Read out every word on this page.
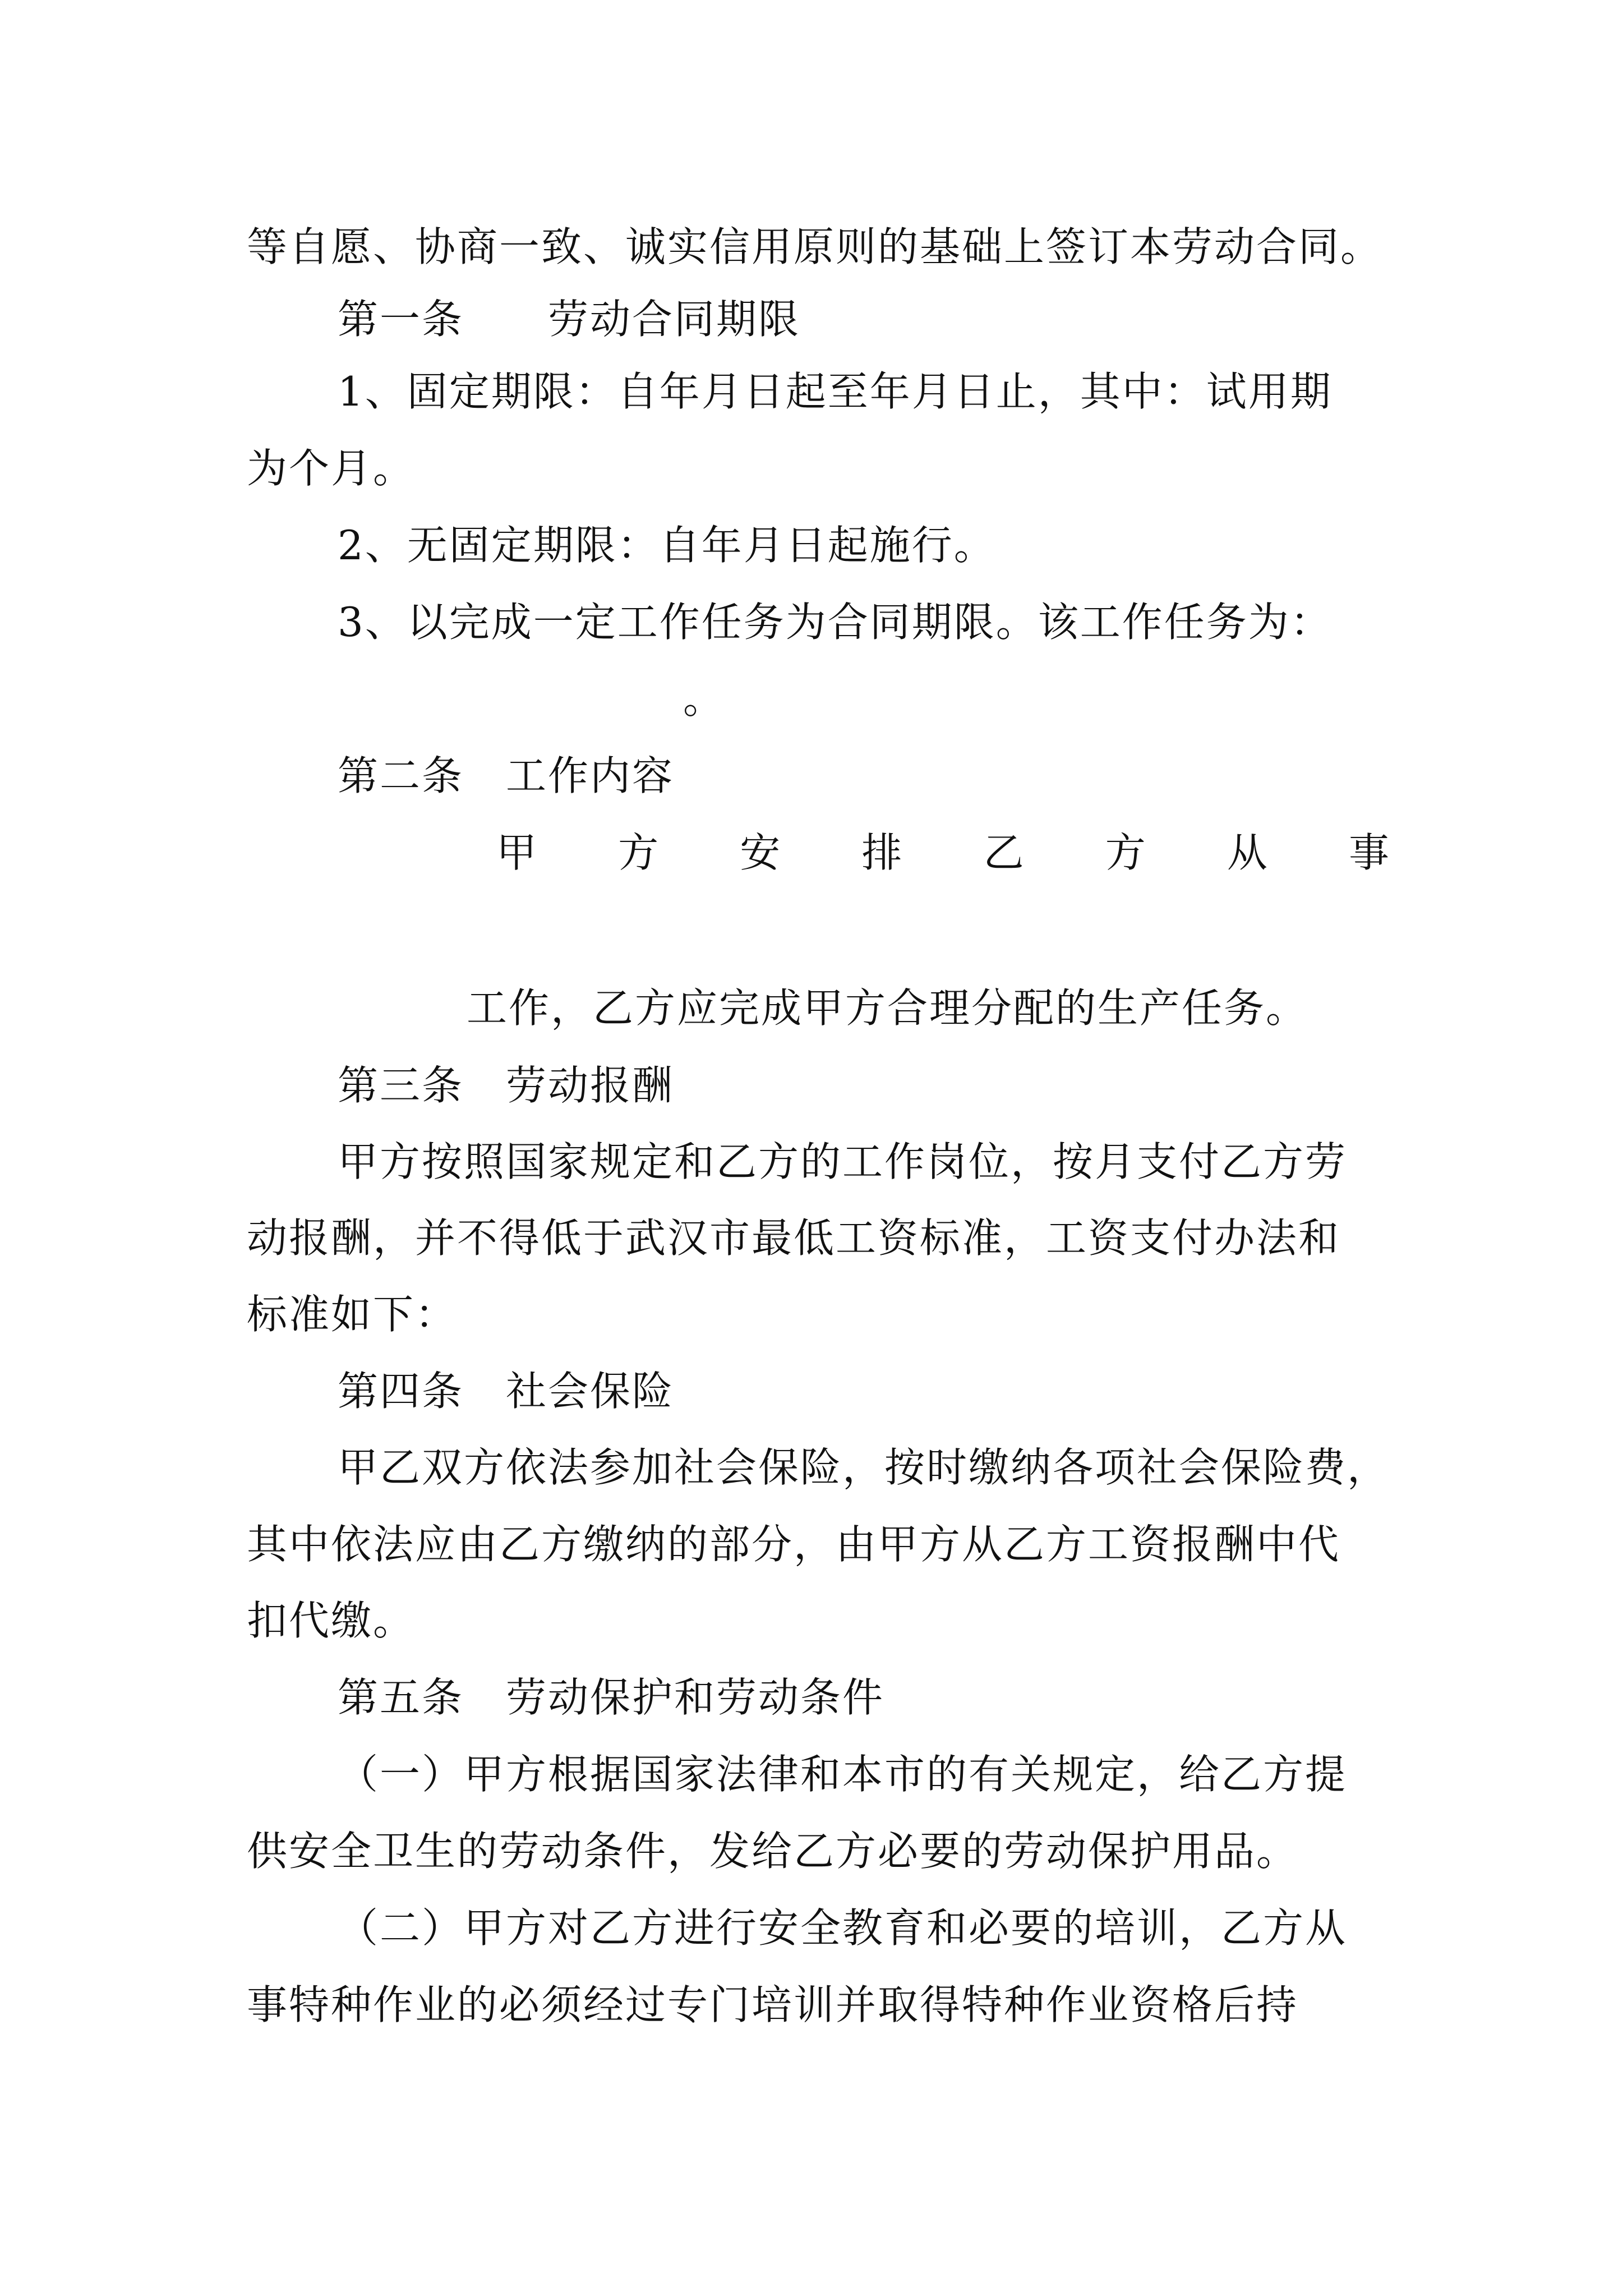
等自愿、协商一致、诚实信用原则的基础上签订本劳动合同。
第一条　　劳动合同期限
1、固定期限：自年月日起至年月日止，其中：试用期
为个月。
2、无固定期限：自年月日起施行。
3、以完成一定工作任务为合同期限。该工作任务为：
。
第二条　工作内容
甲 方 安 排 乙 方 从 事
工作，乙方应完成甲方合理分配的生产任务。
第三条　劳动报酬
甲方按照国家规定和乙方的工作岗位，按月支付乙方劳
动报酬，并不得低于武汉市最低工资标准，工资支付办法和
标准如下：
第四条　社会保险
甲乙双方依法参加社会保险，按时缴纳各项社会保险费，
其中依法应由乙方缴纳的部分，由甲方从乙方工资报酬中代
扣代缴。
第五条　劳动保护和劳动条件
（一）甲方根据国家法律和本市的有关规定，给乙方提
供安全卫生的劳动条件，发给乙方必要的劳动保护用品。
（二）甲方对乙方进行安全教育和必要的培训，乙方从
事特种作业的必须经过专门培训并取得特种作业资格后持
